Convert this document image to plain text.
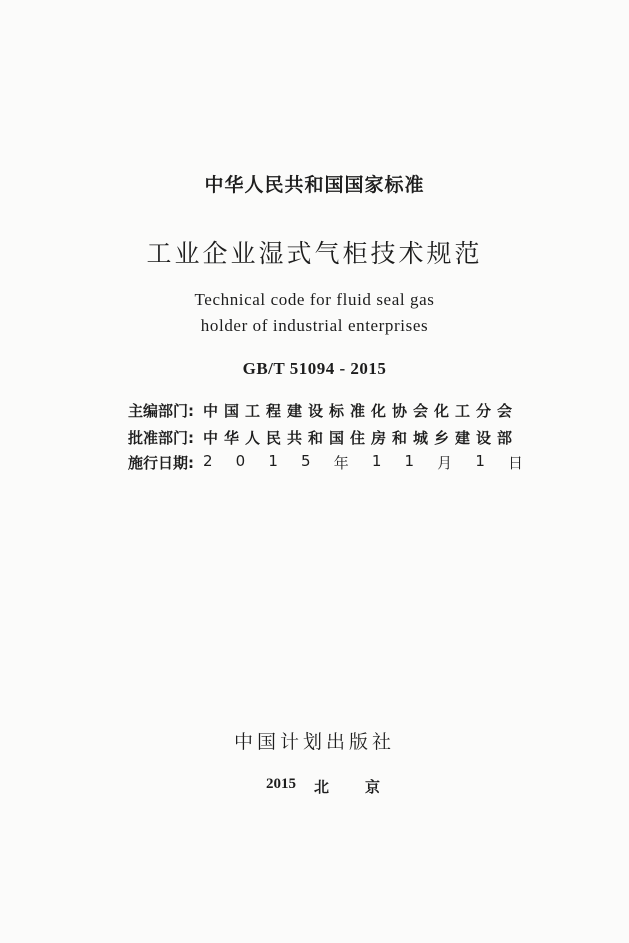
中华人民共和国国家标准
工业企业湿式气柜技术规范
Technical code for fluid seal gas
holder of industrial enterprises
GB/T 51094 - 2015
主编部门: 中国工程建设标准化协会化工分会
批准部门: 中华人民共和国住房和城乡建设部
施行日期: 2 0 1 5 年 1 1 月 1 日
中国计划出版社
2015 北 京
